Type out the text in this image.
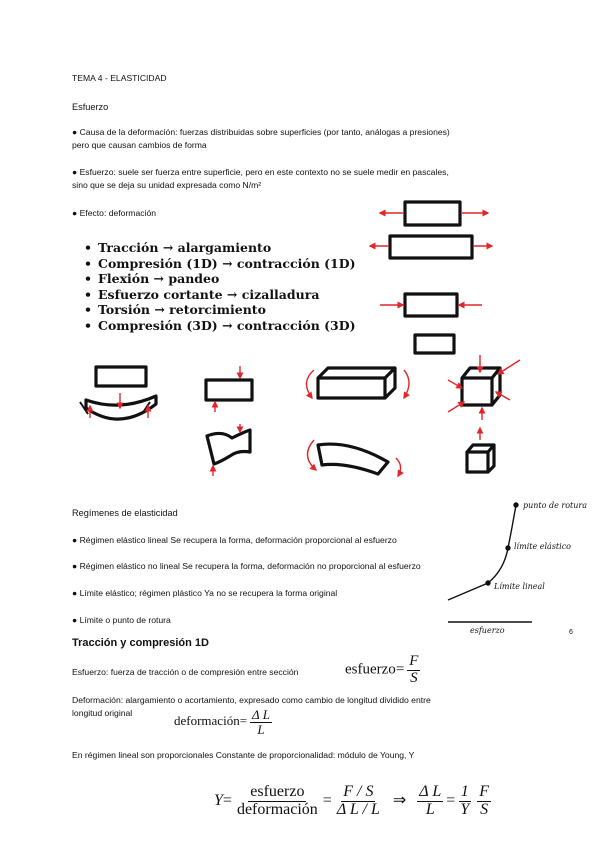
TEMA 4 - ELASTICIDAD
Esfuerzo
● Causa de la deformación: fuerzas distribuidas sobre superficies (por tanto, análogas a presiones)
pero que causan cambios de forma
● Esfuerzo: suele ser fuerza entre superficie, pero en este contexto no se suele medir en pascales,
sino que se deja su unidad expresada como N/m²
● Efecto: deformación
• Tracción → alargamiento
• Compresión (1D) → contracción (1D)
• Flexión → pandeo
• Esfuerzo cortante → cizalladura
• Torsión → retorcimiento
• Compresión (3D) → contracción (3D)
Regímenes de elasticidad
● Régimen elástico lineal Se recupera la forma, deformación proporcional al esfuerzo
● Régimen elástico no lineal Se recupera la forma, deformación no proporcional al esfuerzo
● Límite elástico; régimen plástico Ya no se recupera la forma original
● Límite o punto de rotura
6
Tracción y compresión 1D
Esfuerzo: fuerza de tracción o de compresión entre sección	esfuerzo= $\frac{F}{S}$
Deformación: alargamiento o acortamiento, expresado como cambio de longitud dividido entre
longitud original
deformación= $\frac{\text{Δ L}}{L}$
En régimen lineal son proporcionales Constante de proporcionalidad: módulo de Young, Y
$Y= \frac{\text{esfuerzo}}{\text{deformación}} = \frac{F / S}{\text{Δ L / L}}$ ⇒ $\frac{\text{Δ L}}{L} = \frac{1}{Y} \frac{F}{S}$
punto de rotura
límite elástico
Límite lineal
esfuerzo
